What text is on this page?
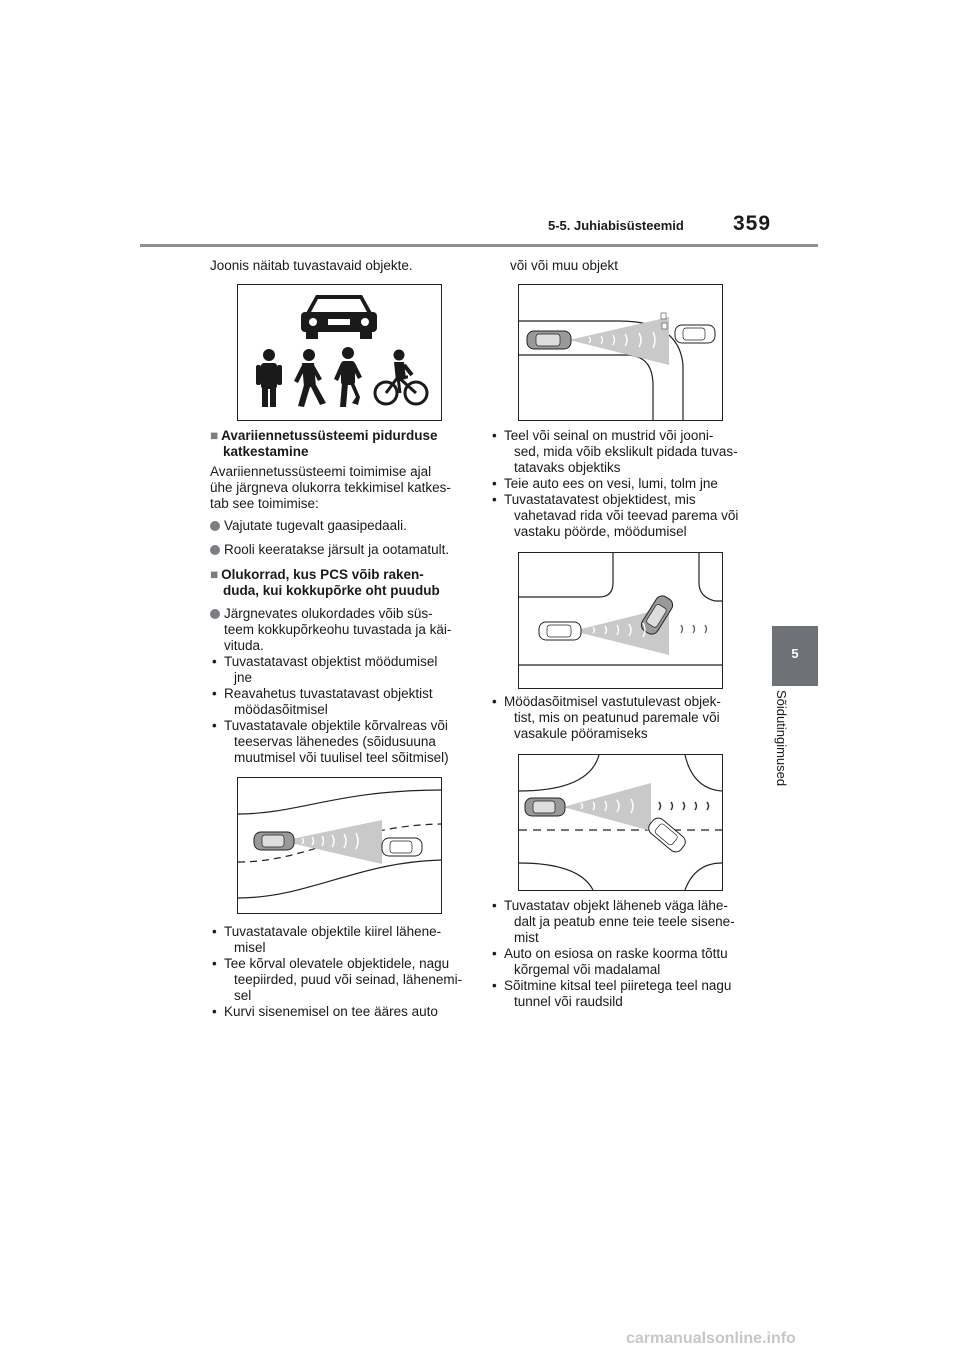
5-5. Juhiabisüsteemid 359
5
Sõidutingimused
Joonis näitab tuvastavaid objekte.
■ Avariiennetussüsteemi pidurduse
katkestamine
Avariiennetussüsteemi toimimise ajal
ühe järgneva olukorra tekkimisel katkes-
tab see toimimise:
Vajutate tugevalt gaasipedaali.
Rooli keeratakse järsult ja ootamatult.
■ Olukorrad, kus PCS võib raken-
duda, kui kokkupõrke oht puudub
Järgnevates olukordades võib süs-
teem kokkupõrkeohu tuvastada ja käi-
vituda.
• Tuvastatavast objektist möödumisel
jne
• Reavahetus tuvastatavast objektist
möödasõitmisel
• Tuvastatavale objektile kõrvalreas või
teeservas lähenedes (sõidusuuna
muutmisel või tuulisel teel sõitmisel)
• Tuvastatavale objektile kiirel lähene-
misel
• Tee kõrval olevatele objektidele, nagu
teepiirded, puud või seinad, lähenemi-
sel
• Kurvi sisenemisel on tee ääres auto
või või muu objekt
• Teel või seinal on mustrid või jooni-
sed, mida võib ekslikult pidada tuvas-
tatavaks objektiks
• Teie auto ees on vesi, lumi, tolm jne
• Tuvastatavatest objektidest, mis
vahetavad rida või teevad parema või
vastaku pöörde, möödumisel
• Möödasõitmisel vastutulevast objek-
tist, mis on peatunud paremale või
vasakule pööramiseks
• Tuvastatav objekt läheneb väga lähe-
dalt ja peatub enne teie teele sisene-
mist
• Auto on esiosa on raske koorma tõttu
kõrgemal või madalamal
• Sõitmine kitsal teel piiretega teel nagu
tunnel või raudsild
carmanualsonline.info
